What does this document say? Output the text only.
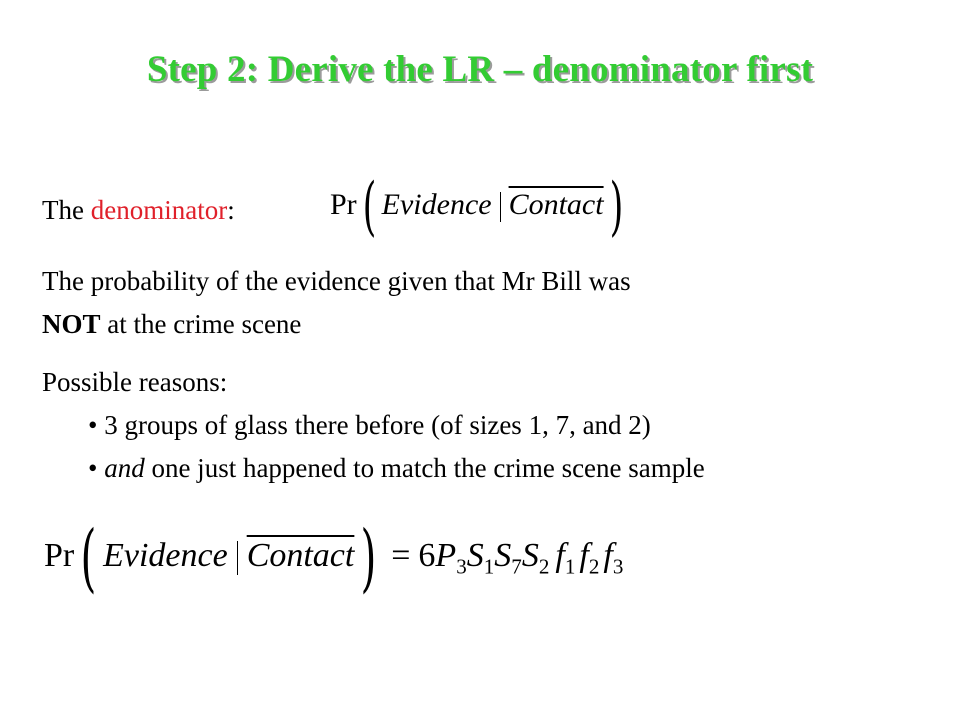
Step 2: Derive the LR – denominator first
The denominator:	Pr( Evidence Contact)
The probability of the evidence given that Mr Bill was
NOT at the crime scene
Possible reasons:
• 3 groups of glass there before (of sizes 1, 7, and 2)
• and one just happened to match the crime scene sample
Pr( Evidence Contact) = $6P_3S_1S_7S_2$ $f_1$ $f_2$ $f_3$
